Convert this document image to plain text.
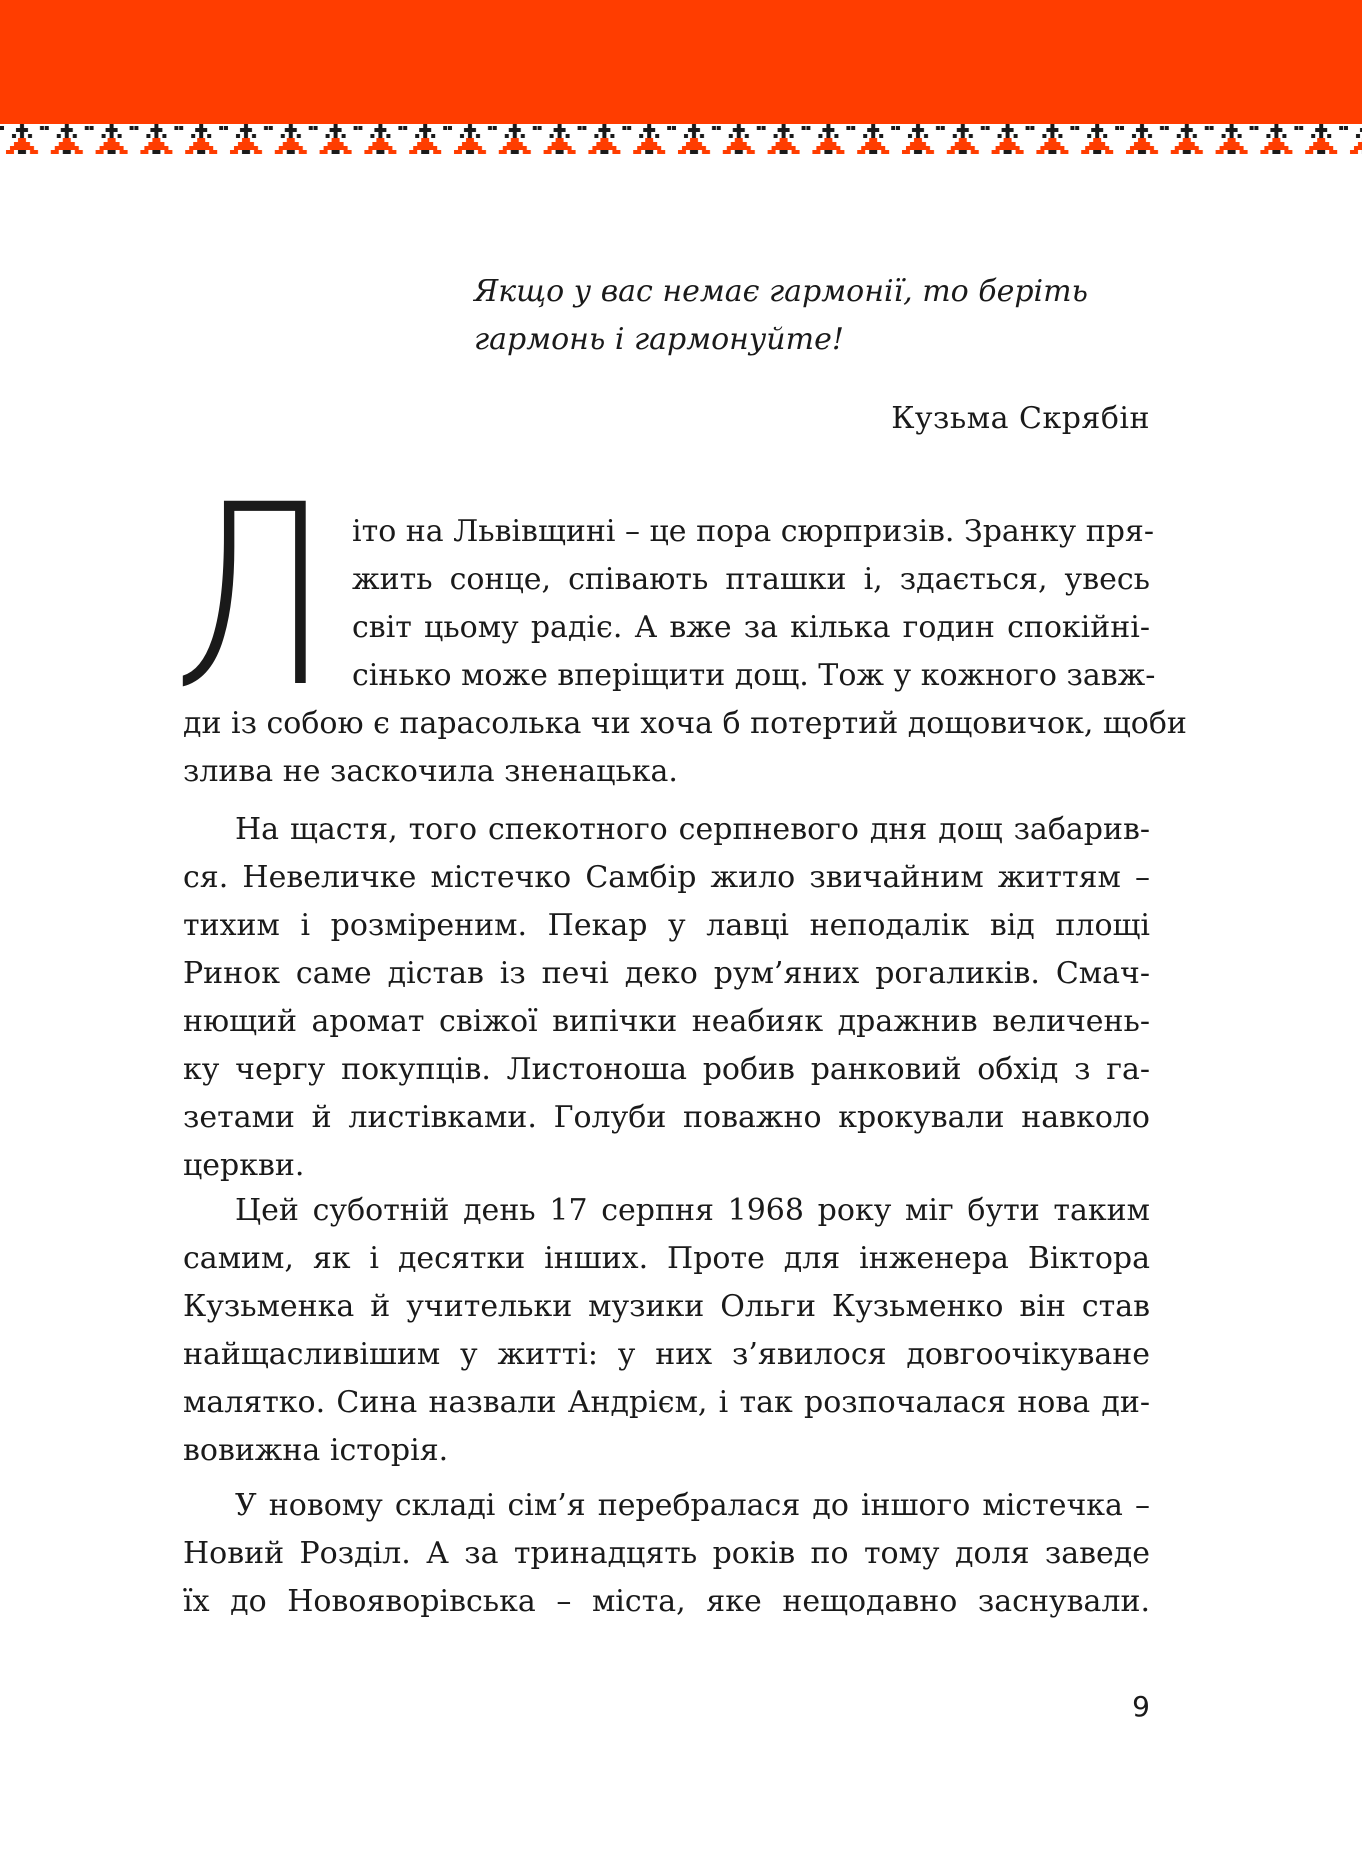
Якщо у вас немає гармонії, то беріть
гармонь і гармонуйте!

Кузьма Скрябін

Л іто на Львівщині – це пора сюрпризів. Зранку пря-
жить сонце, співають пташки і, здається, увесь
світ цьому радіє. А вже за кілька годин спокійні-
сінько може вперіщити дощ. Тож у кожного завж-
ди із собою є парасолька чи хоча б потертий дощовичок, щоби
злива не заскочила зненацька.
На щастя, того спекотного серпневого дня дощ забарив-
ся. Невеличке містечко Самбір жило звичайним життям –
тихим і розміреним. Пекар у лавці неподалік від площі
Ринок саме дістав із печі деко рум’яних рогаликів. Смач-
нющий аромат свіжої випічки неабияк дражнив величень-
ку чергу покупців. Листоноша робив ранковий обхід з га-
зетами й листівками. Голуби поважно крокували навколо
церкви.
Цей суботній день 17 серпня 1968 року міг бути таким
самим, як і десятки інших. Проте для інженера Віктора
Кузьменка й учительки музики Ольги Кузьменко він став
найщасливішим у житті: у них з’явилося довгоочікуване
малятко. Сина назвали Андрієм, і так розпочалася нова ди-
вовижна історія.
У новому складі сім’я перебралася до іншого містечка –
Новий Розділ. А за тринадцять років по тому доля заведе
їх до Новояворівська – міста, яке нещодавно заснували.

9
